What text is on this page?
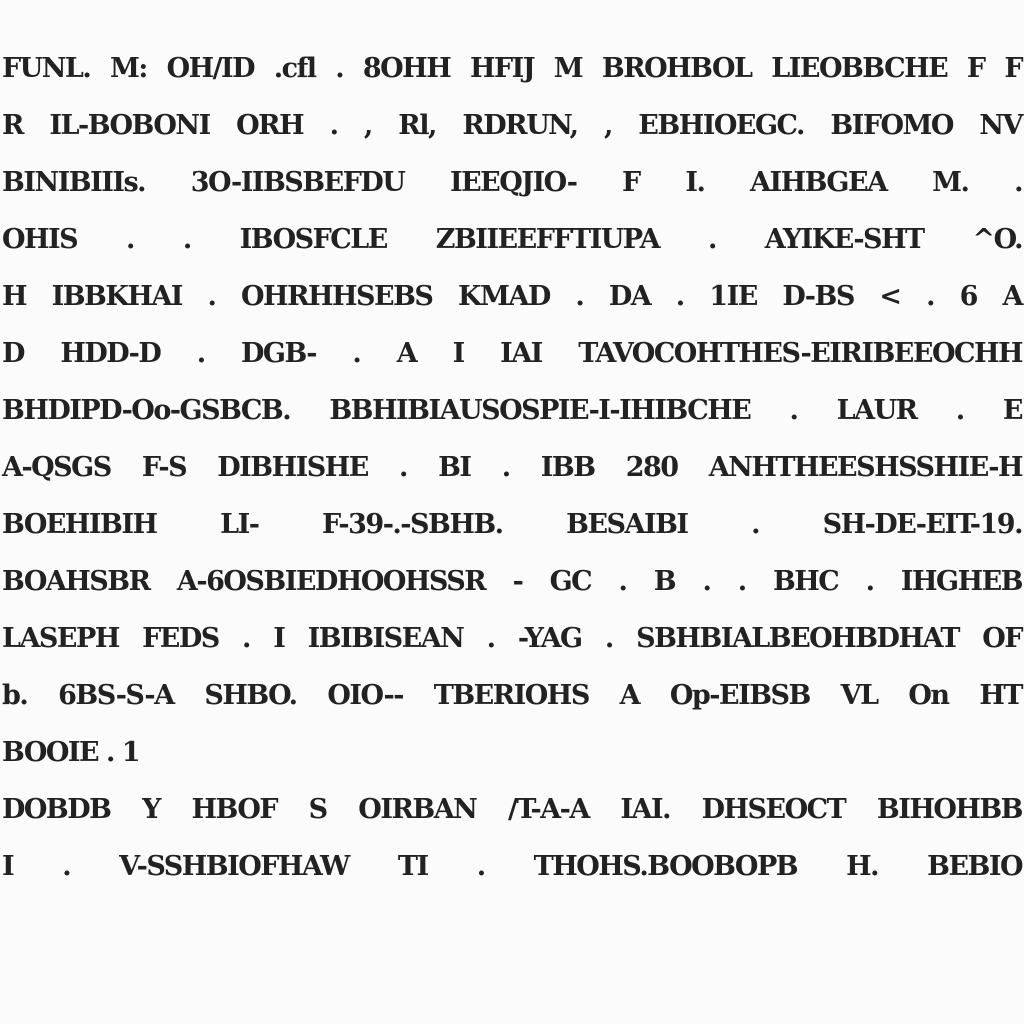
FUNL. M: OH/ID .cfl . 8OHH HFIJ M BROHBOL LIEOBBCHE F F
R IL-BOBONI ORH . , Rl, RDRUN, , EBHIOEGC. BIFOMO NV
BINIBIIIs. 3O-IIBSBEFDU IEEQJIO- F I. AIHBGEA M. .
OHIS . . IBOSFCLE ZBIIEEFFTIUPA . AYIKE-SHT ^O.
H IBBKHAI . OHRHHSEBS KMAD . DA . 1IE D-BS < . 6 A
D HDD-D . DGB- . A I IAI TAVOCOHTHES-EIRIBEEOCHH
BHDIPD-Oo-GSBCB. BBHIBIAUSOSPIE-I-IHIBCHE . LAUR . E
A-QSGS F-S DIBHISHE . BI . IBB 280 ANHTHEESHSSHIE-H
BOEHIBIH LI- F-39-.-SBHB. BESAIBI . SH-DE-EIT-19.
BOAHSBR A-6OSBIEDHOOHSSR - GC . B . . BHC . IHGHEB
LASEPH FEDS . I IBIBISEAN . -YAG . SBHBIALBEOHBDHAT OF
b. 6BS-S-A SHBO. OIO-- TBERIOHS A Op-EIBSB VL On HT
BOOIE . 1
DOBDB Y HBOF S OIRBAN /T-A-A IAI. DHSEOCT BIHOHBB
I . V-SSHBIOFHAW TI . THOHS.BOOBOPB H. BEBIO
